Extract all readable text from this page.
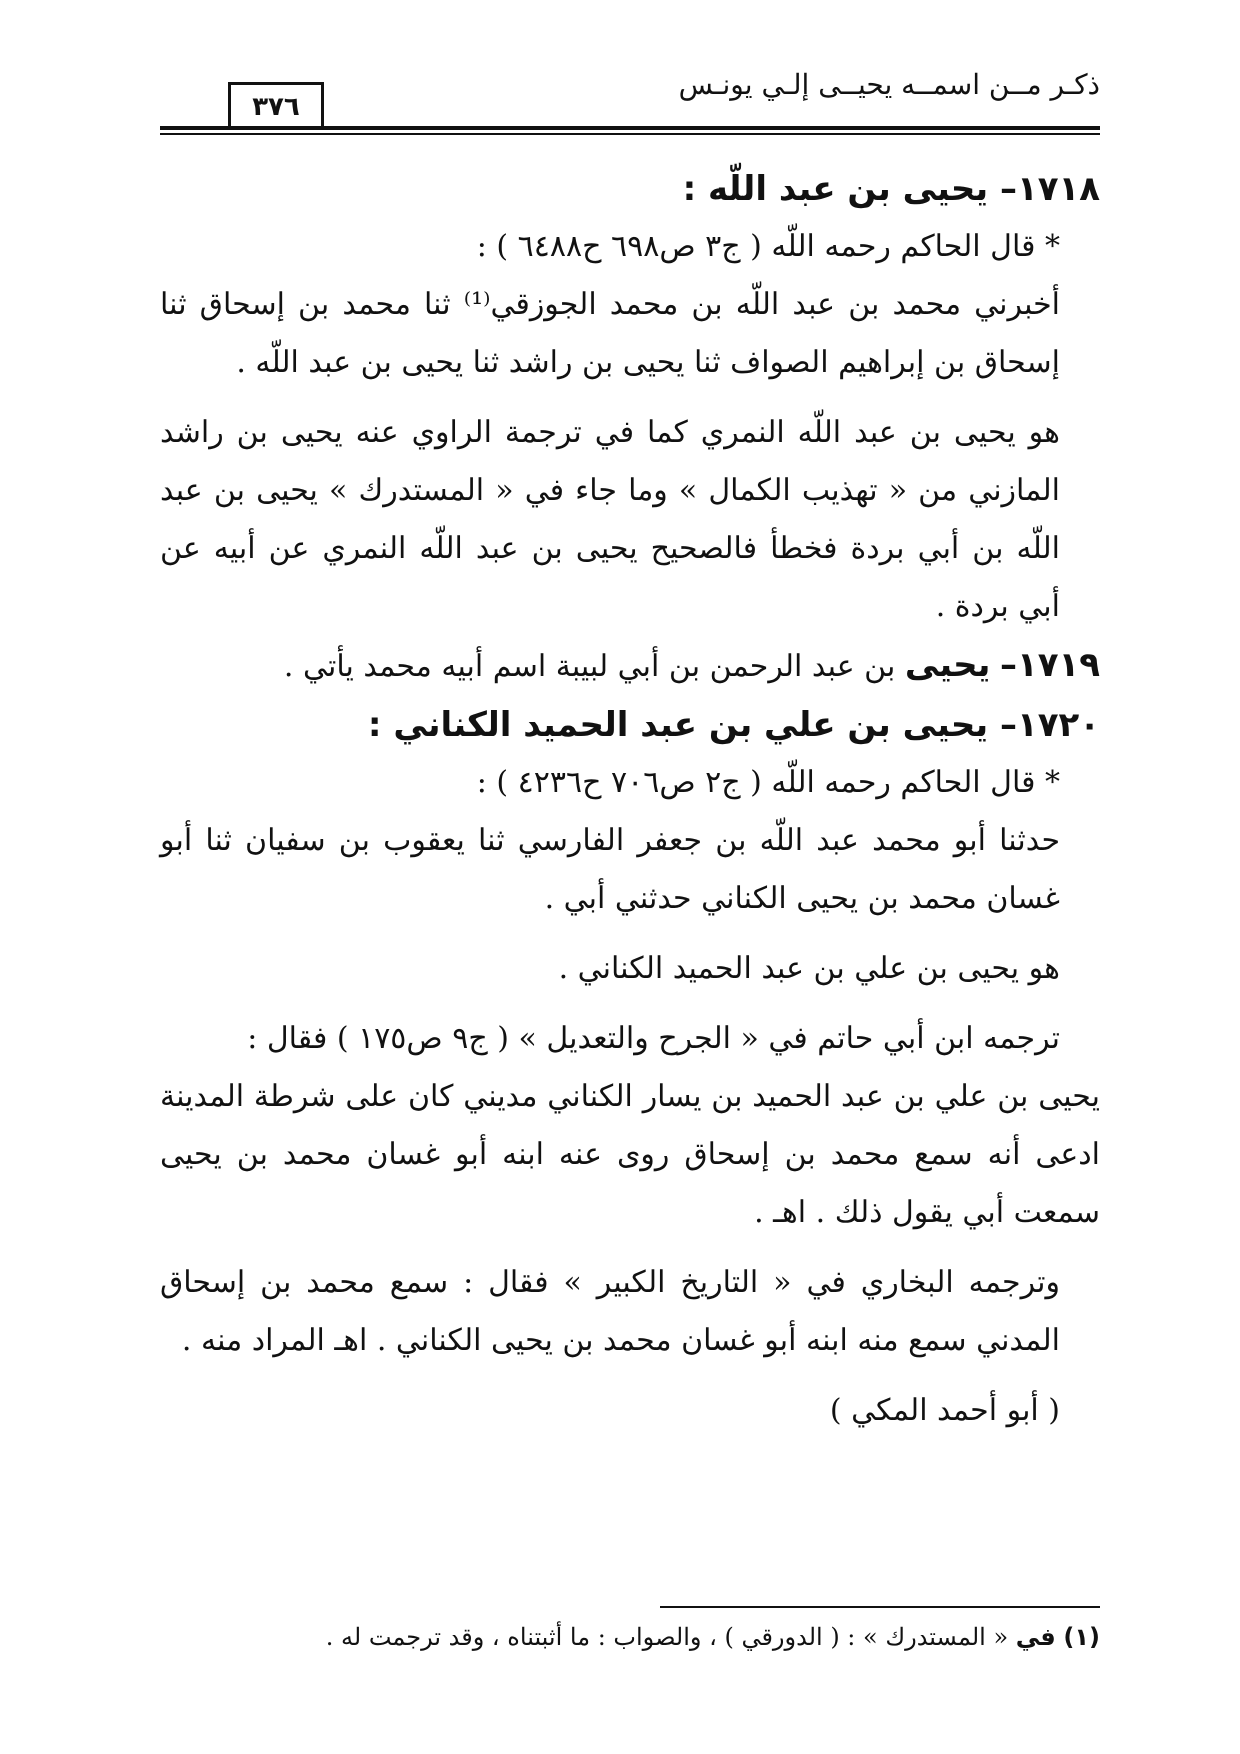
٣٧٦
ذكـر مــن اسمــه يحيــى إلـي يونـس

١٧١٨– يحيى بن عبد اللّه :

* قال الحاكم رحمه اللّه ( ج٣ ص٦٩٨ ح٦٤٨٨ ) :

أخبرني محمد بن عبد اللّه بن محمد الجوزقي⁽¹⁾ ثنا محمد بن إسحاق ثنا إسحاق بن إبراهيم الصواف ثنا يحيى بن راشد ثنا يحيى بن عبد اللّه .

هو يحيى بن عبد اللّه النمري كما في ترجمة الراوي عنه يحيى بن راشد المازني من « تهذيب الكمال » وما جاء في « المستدرك » يحيى بن عبد اللّه بن أبي بردة فخطأ فالصحيح يحيى بن عبد اللّه النمري عن أبيه عن أبي بردة .

١٧١٩– يحيى بن عبد الرحمن بن أبي لبيبة اسم أبيه محمد يأتي .

١٧٢٠– يحيى بن علي بن عبد الحميد الكناني :

* قال الحاكم رحمه اللّه ( ج٢ ص٧٠٦ ح٤٢٣٦ ) :

حدثنا أبو محمد عبد اللّه بن جعفر الفارسي ثنا يعقوب بن سفيان ثنا أبو غسان محمد بن يحيى الكناني حدثني أبي .

هو يحيى بن علي بن عبد الحميد الكناني .

ترجمه ابن أبي حاتم في « الجرح والتعديل » ( ج٩ ص١٧٥ ) فقال :

يحيى بن علي بن عبد الحميد بن يسار الكناني مديني كان على شرطة المدينة ادعى أنه سمع محمد بن إسحاق روى عنه ابنه أبو غسان محمد بن يحيى سمعت أبي يقول ذلك . اهـ .

وترجمه البخاري في « التاريخ الكبير » فقال : سمع محمد بن إسحاق المدني سمع منه ابنه أبو غسان محمد بن يحيى الكناني . اهـ المراد منه .

( أبو أحمد المكي )

(١) في « المستدرك » : ( الدورقي ) ، والصواب : ما أثبتناه ، وقد ترجمت له .
